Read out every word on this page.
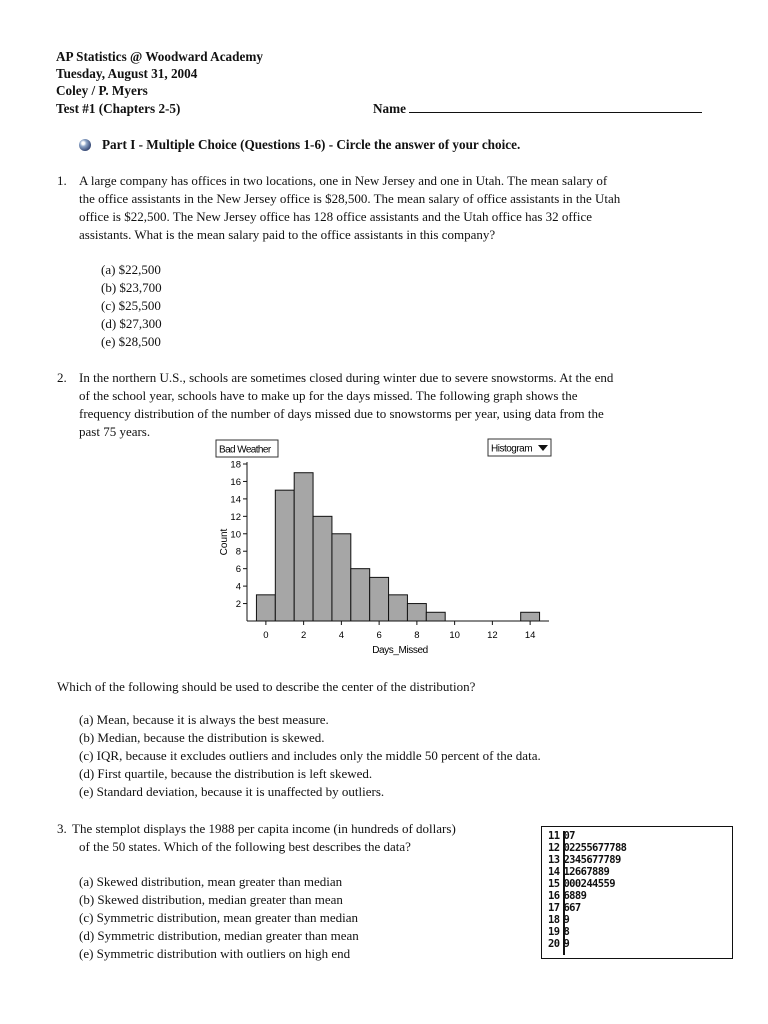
AP Statistics @ Woodward Academy
Tuesday, August 31, 2004
Coley / P. Myers
Test #1 (Chapters 2-5)	Name
Part I - Multiple Choice (Questions 1-6) - Circle the answer of your choice.
1. A large company has offices in two locations, one in New Jersey and one in Utah. The mean salary of
the office assistants in the New Jersey office is $28,500. The mean salary of office assistants in the Utah
office is $22,500. The New Jersey office has 128 office assistants and the Utah office has 32 office
assistants. What is the mean salary paid to the office assistants in this company?
(a) $22,500
(b) $23,700
(c) $25,500
(d) $27,300
(e) $28,500
2. In the northern U.S., schools are sometimes closed during winter due to severe snowstorms. At the end
of the school year, schools have to make up for the days missed. The following graph shows the
frequency distribution of the number of days missed due to snowstorms per year, using data from the
past 75 years.
Bad Weather	Histogram
2
4
6
8
10
12
14
16
18
0	2	4	6	8	10	12	14
Count
Days_Missed
Which of the following should be used to describe the center of the distribution?
(a) Mean, because it is always the best measure.
(b) Median, because the distribution is skewed.
(c) IQR, because it excludes outliers and includes only the middle 50 percent of the data.
(d) First quartile, because the distribution is left skewed.
(e) Standard deviation, because it is unaffected by outliers.
3. The stemplot displays the 1988 per capita income (in hundreds of dollars)
of the 50 states. Which of the following best describes the data?
(a) Skewed distribution, mean greater than median
(b) Skewed distribution, median greater than mean
(c) Symmetric distribution, mean greater than median
(d) Symmetric distribution, median greater than mean
(e) Symmetric distribution with outliers on high end
11 07
12 02255677788
13 2345677789
14 12667889
15 000244559
16 6889
17 667
18 9
19 8
20 9
